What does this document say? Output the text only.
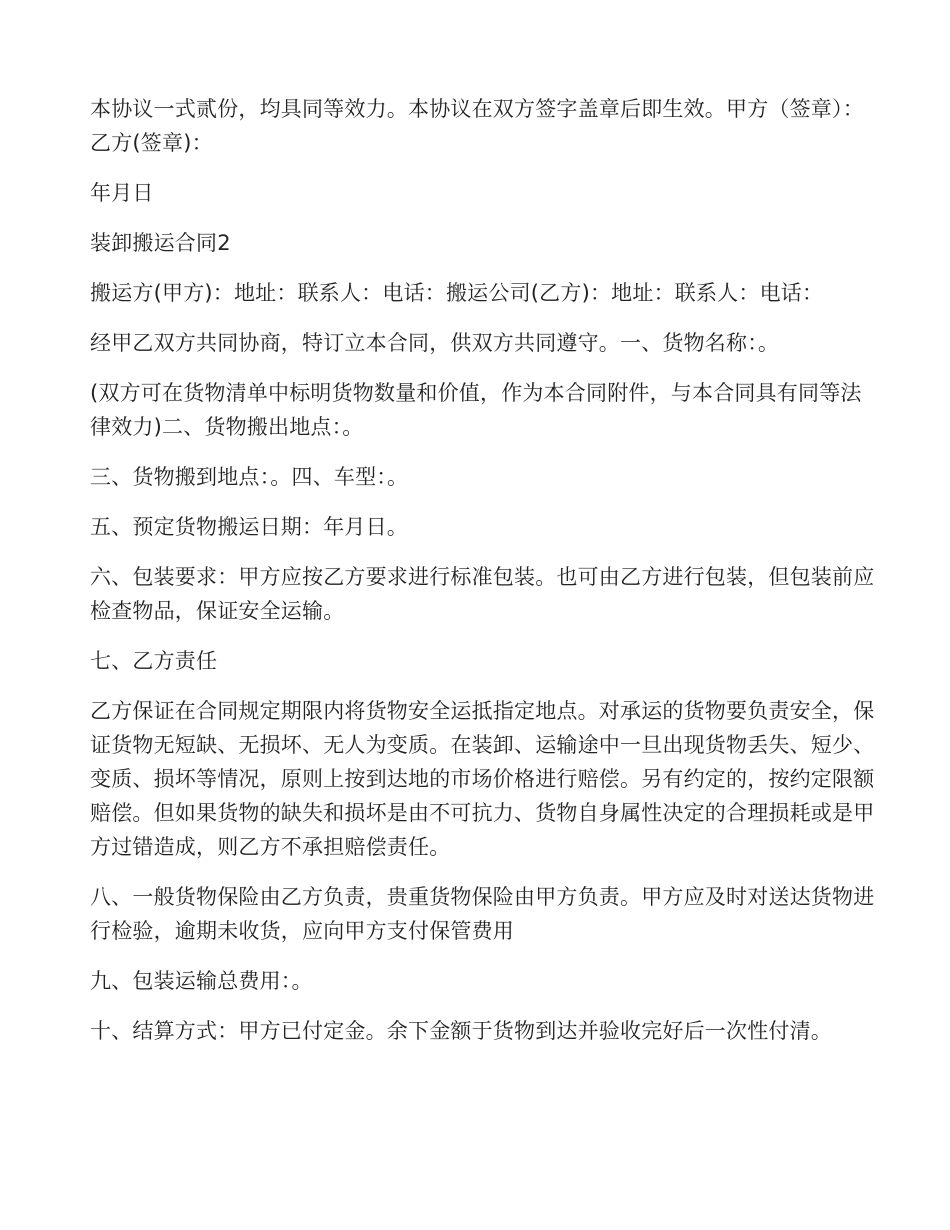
本协议一式贰份，均具同等效力。本协议在双方签字盖章后即生效。甲方（签章）：乙方(签章)：

年月日

装卸搬运合同2

搬运方(甲方)：地址：联系人：电话：搬运公司(乙方)：地址：联系人：电话：

经甲乙双方共同协商，特订立本合同，供双方共同遵守。一、货物名称：。

(双方可在货物清单中标明货物数量和价值，作为本合同附件，与本合同具有同等法律效力)二、货物搬出地点：。

三、货物搬到地点：。四、车型：。

五、预定货物搬运日期：年月日。

六、包装要求：甲方应按乙方要求进行标准包装。也可由乙方进行包装，但包装前应检查物品，保证安全运输。

七、乙方责任

乙方保证在合同规定期限内将货物安全运抵指定地点。对承运的货物要负责安全，保证货物无短缺、无损坏、无人为变质。在装卸、运输途中一旦出现货物丢失、短少、变质、损坏等情况，原则上按到达地的市场价格进行赔偿。另有约定的，按约定限额赔偿。但如果货物的缺失和损坏是由不可抗力、货物自身属性决定的合理损耗或是甲方过错造成，则乙方不承担赔偿责任。

八、一般货物保险由乙方负责，贵重货物保险由甲方负责。甲方应及时对送达货物进行检验，逾期未收货，应向甲方支付保管费用

九、包装运输总费用：。

十、结算方式：甲方已付定金。余下金额于货物到达并验收完好后一次性付清。
